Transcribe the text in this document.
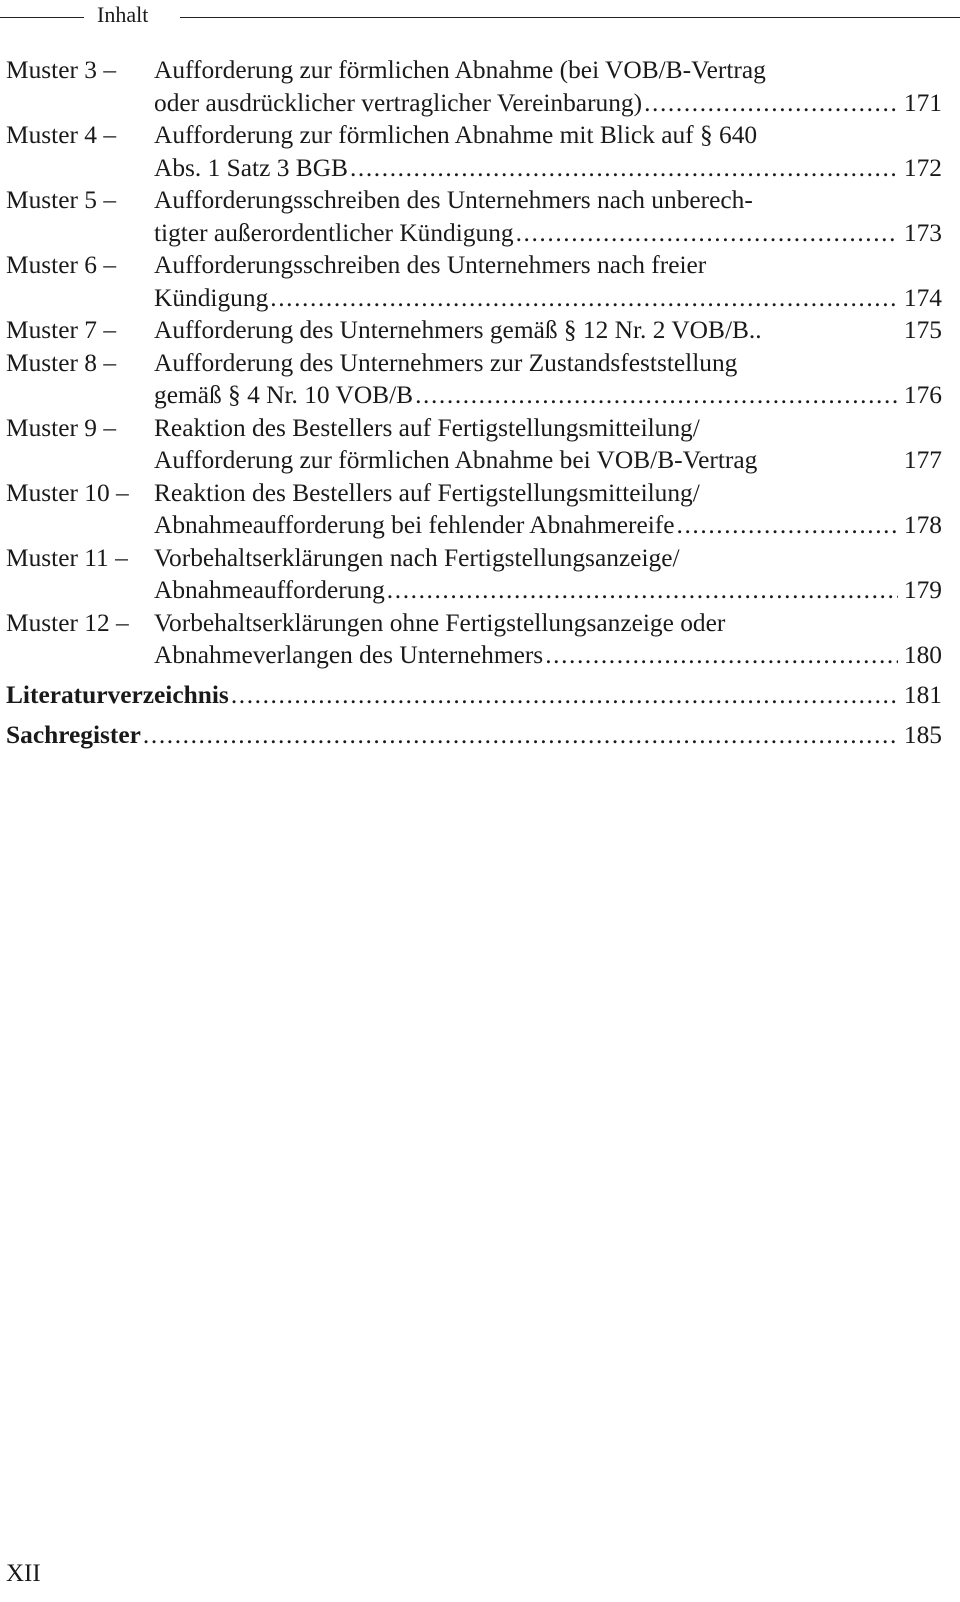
Inhalt
Muster 3 –	Aufforderung zur förmlichen Abnahme (bei VOB/B-Vertrag
oder ausdrücklicher vertraglicher Vereinbarung) .....	171
Muster 4 –	Aufforderung zur förmlichen Abnahme mit Blick auf § 640
Abs. 1 Satz 3 BGB .....	172
Muster 5 –	Aufforderungsschreiben des Unternehmers nach unberech-
tigter außerordentlicher Kündigung .....	173
Muster 6 –	Aufforderungsschreiben des Unternehmers nach freier
Kündigung .....	174
Muster 7 –	Aufforderung des Unternehmers gemäß § 12 Nr. 2 VOB/B..	175
Muster 8 –	Aufforderung des Unternehmers zur Zustandsfeststellung
gemäß § 4 Nr. 10 VOB/B .....	176
Muster 9 –	Reaktion des Bestellers auf Fertigstellungsmitteilung/
Aufforderung zur förmlichen Abnahme bei VOB/B-Vertrag	177
Muster 10 – Reaktion des Bestellers auf Fertigstellungsmitteilung/
Abnahmeaufforderung bei fehlender Abnahmereife .....	178
Muster 11 –	Vorbehaltserklärungen nach Fertigstellungsanzeige/
Abnahmeaufforderung .....	179
Muster 12 – Vorbehaltserklärungen ohne Fertigstellungsanzeige oder
Abnahmeverlangen des Unternehmers .....	180
Literaturverzeichnis .....	181
Sachregister .....	185
XII
